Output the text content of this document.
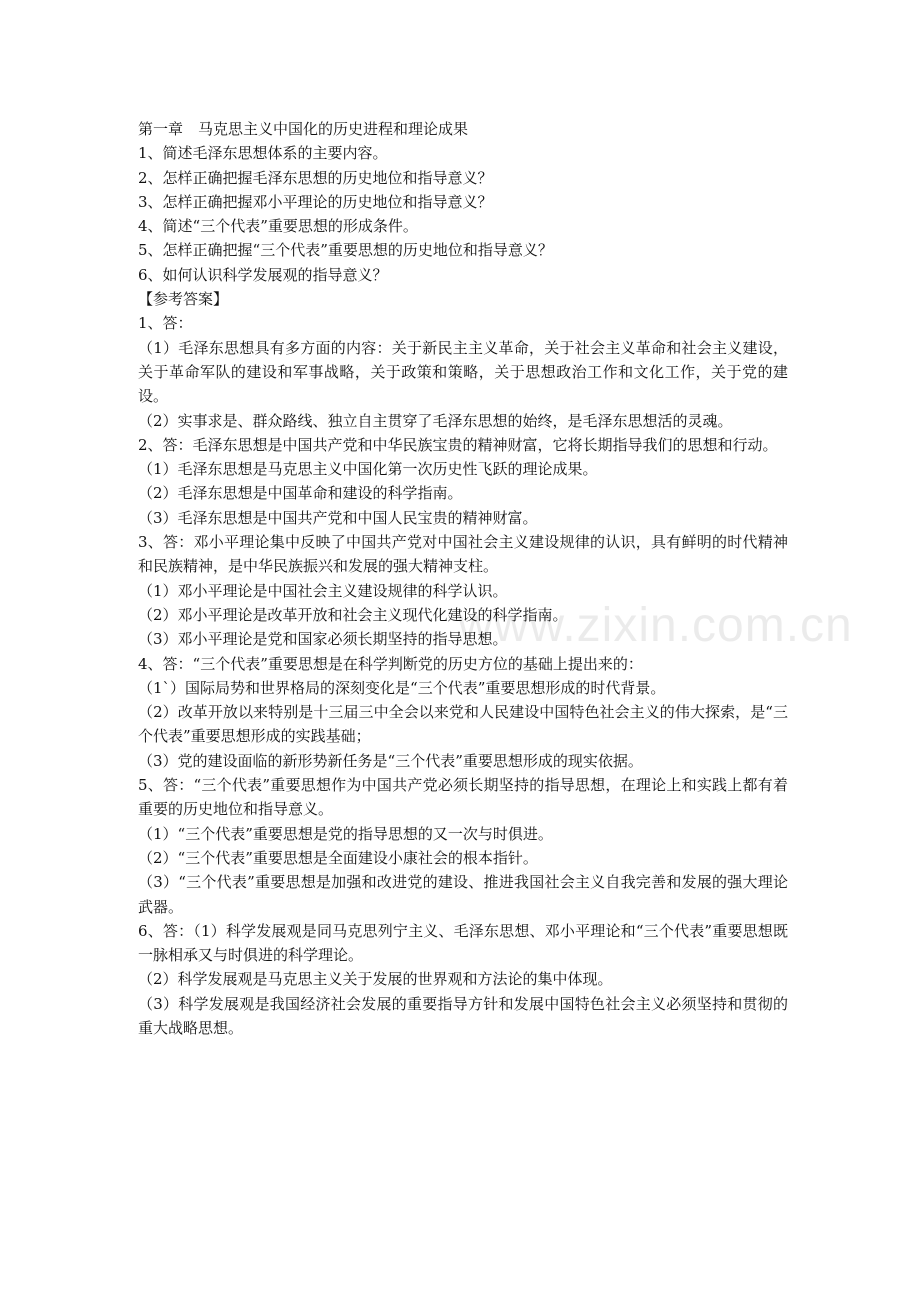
www.zixin.com.cn
第一章　马克思主义中国化的历史进程和理论成果
1、简述毛泽东思想体系的主要内容。
2、怎样正确把握毛泽东思想的历史地位和指导意义？
3、怎样正确把握邓小平理论的历史地位和指导意义？
4、简述“三个代表”重要思想的形成条件。
5、怎样正确把握“三个代表”重要思想的历史地位和指导意义？
6、如何认识科学发展观的指导意义？
【参考答案】
1、答：
（1）毛泽东思想具有多方面的内容：关于新民主主义革命，关于社会主义革命和社会主义建设，关于革命军队的建设和军事战略，关于政策和策略，关于思想政治工作和文化工作，关于党的建设。
（2）实事求是、群众路线、独立自主贯穿了毛泽东思想的始终，是毛泽东思想活的灵魂。
2、答：毛泽东思想是中国共产党和中华民族宝贵的精神财富，它将长期指导我们的思想和行动。
（1）毛泽东思想是马克思主义中国化第一次历史性飞跃的理论成果。
（2）毛泽东思想是中国革命和建设的科学指南。
（3）毛泽东思想是中国共产党和中国人民宝贵的精神财富。
3、答：邓小平理论集中反映了中国共产党对中国社会主义建设规律的认识，具有鲜明的时代精神和民族精神，是中华民族振兴和发展的强大精神支柱。
（1）邓小平理论是中国社会主义建设规律的科学认识。
（2）邓小平理论是改革开放和社会主义现代化建设的科学指南。
（3）邓小平理论是党和国家必须长期坚持的指导思想。
4、答：“三个代表”重要思想是在科学判断党的历史方位的基础上提出来的：
（1`）国际局势和世界格局的深刻变化是“三个代表”重要思想形成的时代背景。
（2）改革开放以来特别是十三届三中全会以来党和人民建设中国特色社会主义的伟大探索，是“三个代表”重要思想形成的实践基础；
（3）党的建设面临的新形势新任务是“三个代表”重要思想形成的现实依据。
5、答：“三个代表”重要思想作为中国共产党必须长期坚持的指导思想，在理论上和实践上都有着重要的历史地位和指导意义。
（1）“三个代表”重要思想是党的指导思想的又一次与时俱进。
（2）“三个代表”重要思想是全面建设小康社会的根本指针。
（3）“三个代表”重要思想是加强和改进党的建设、推进我国社会主义自我完善和发展的强大理论武器。
6、答：（1）科学发展观是同马克思列宁主义、毛泽东思想、邓小平理论和“三个代表”重要思想既一脉相承又与时俱进的科学理论。
（2）科学发展观是马克思主义关于发展的世界观和方法论的集中体现。
（3）科学发展观是我国经济社会发展的重要指导方针和发展中国特色社会主义必须坚持和贯彻的重大战略思想。
